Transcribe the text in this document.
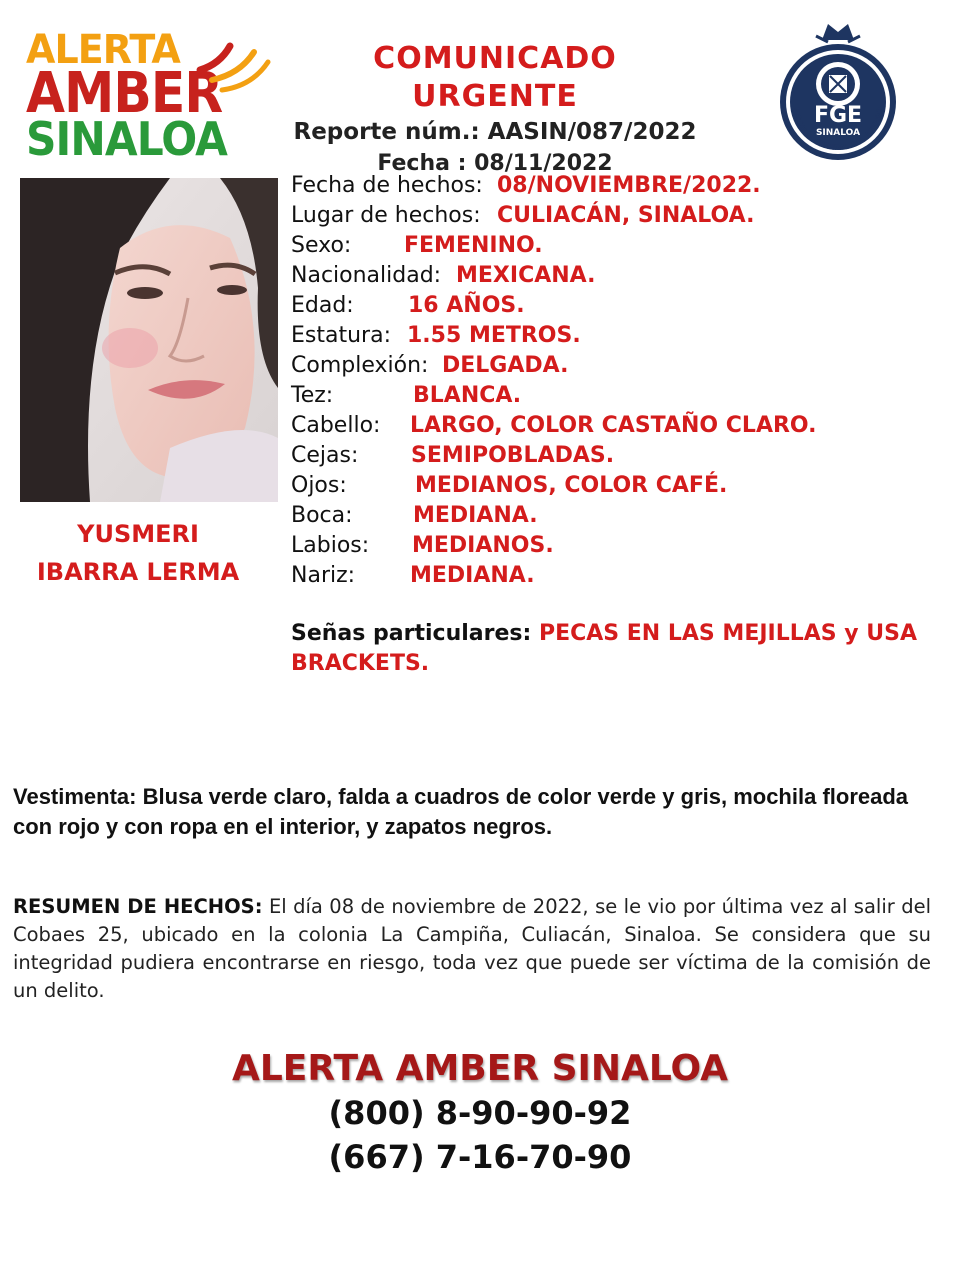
ALERTA
AMBER
SINALOA
COMUNICADO URGENTE
Reporte núm.: AASIN/087/2022
Fecha : 08/11/2022
FGE
SINALOA
FISCALÍA GENERAL DEL ESTADO
YUSMERI
IBARRA LERMA
Fecha de hechos: 08/NOVIEMBRE/2022.
Lugar de hechos: CULIACÁN, SINALOA.
Sexo: FEMENINO.
Nacionalidad: MEXICANA.
Edad: 16 AÑOS.
Estatura: 1.55 METROS.
Complexión: DELGADA.
Tez:	BLANCA.
Cabello: LARGO, COLOR CASTAÑO CLARO.
Cejas: SEMIPOBLADAS.
Ojos:	MEDIANOS, COLOR CAFÉ.
Boca:	MEDIANA.
Labios: MEDIANOS.
Nariz: MEDIANA.
Señas particulares: PECAS EN LAS MEJILLAS y USA BRACKETS.
Vestimenta: Blusa verde claro, falda a cuadros de color verde y gris, mochila floreada con rojo y con ropa en el interior, y zapatos negros.
RESUMEN DE HECHOS: El día 08 de noviembre de 2022, se le vio por última vez al salir del Cobaes 25, ubicado en la colonia La Campiña, Culiacán, Sinaloa. Se considera que su integridad pudiera encontrarse en riesgo, toda vez que puede ser víctima de la comisión de un delito.
ALERTA AMBER SINALOA
(800) 8-90-90-92
(667) 7-16-70-90
